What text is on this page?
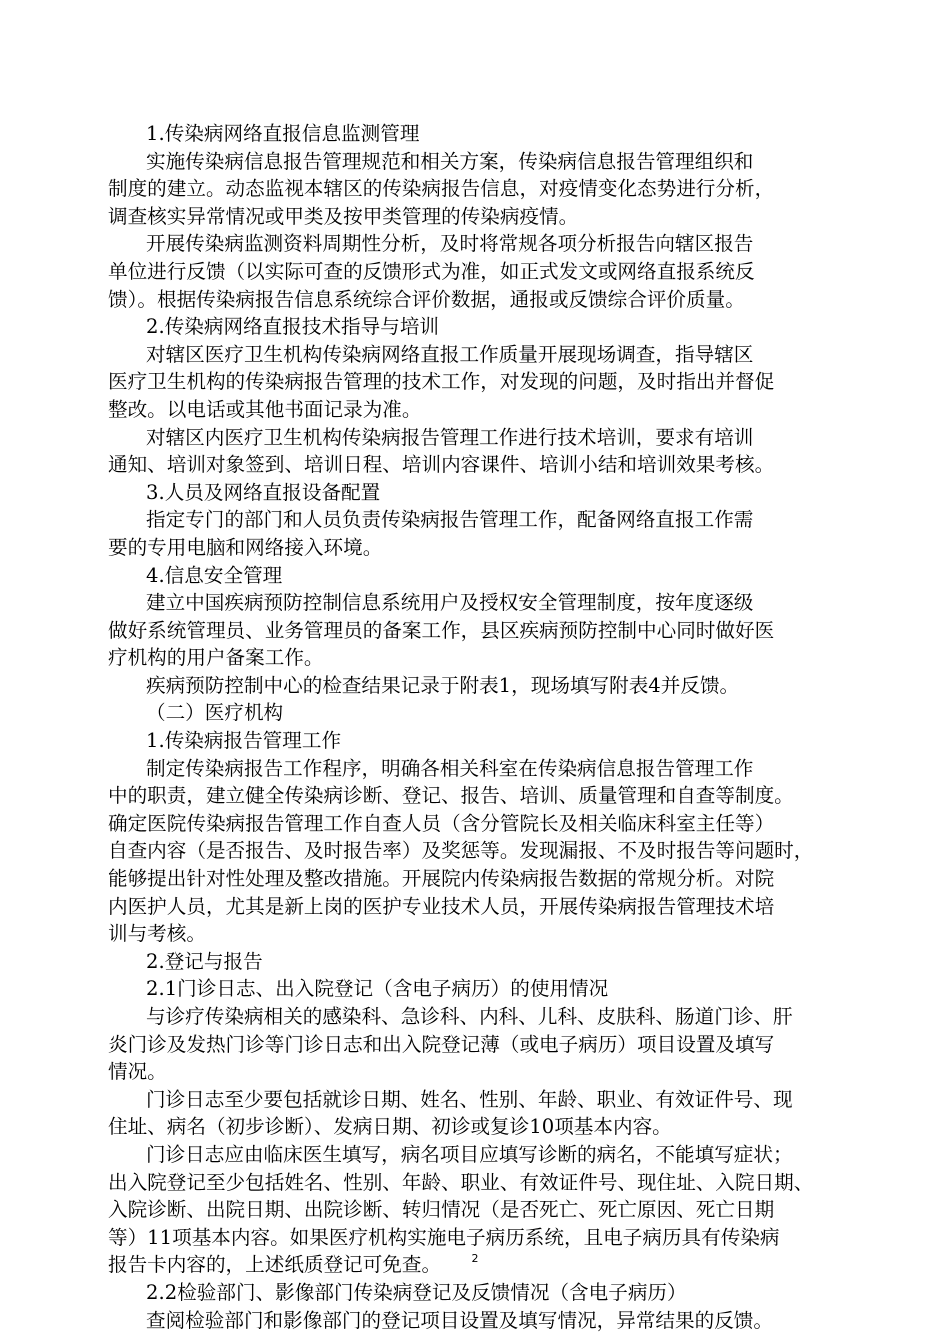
1.传染病网络直报信息监测管理
实施传染病信息报告管理规范和相关方案，传染病信息报告管理组织和
制度的建立。动态监视本辖区的传染病报告信息，对疫情变化态势进行分析，
调查核实异常情况或甲类及按甲类管理的传染病疫情。
开展传染病监测资料周期性分析，及时将常规各项分析报告向辖区报告
单位进行反馈（以实际可查的反馈形式为准，如正式发文或网络直报系统反
馈）。根据传染病报告信息系统综合评价数据，通报或反馈综合评价质量。
2.传染病网络直报技术指导与培训
对辖区医疗卫生机构传染病网络直报工作质量开展现场调查，指导辖区
医疗卫生机构的传染病报告管理的技术工作，对发现的问题，及时指出并督促
整改。以电话或其他书面记录为准。
对辖区内医疗卫生机构传染病报告管理工作进行技术培训，要求有培训
通知、培训对象签到、培训日程、培训内容课件、培训小结和培训效果考核。
3.人员及网络直报设备配置
指定专门的部门和人员负责传染病报告管理工作，配备网络直报工作需
要的专用电脑和网络接入环境。
4.信息安全管理
建立中国疾病预防控制信息系统用户及授权安全管理制度，按年度逐级
做好系统管理员、业务管理员的备案工作，县区疾病预防控制中心同时做好医
疗机构的用户备案工作。
疾病预防控制中心的检查结果记录于附表1，现场填写附表4并反馈。
（二）医疗机构
1.传染病报告管理工作
制定传染病报告工作程序，明确各相关科室在传染病信息报告管理工作
中的职责，建立健全传染病诊断、登记、报告、培训、质量管理和自查等制度。
确定医院传染病报告管理工作自查人员（含分管院长及相关临床科室主任等）
自查内容（是否报告、及时报告率）及奖惩等。发现漏报、不及时报告等问题时，
能够提出针对性处理及整改措施。开展院内传染病报告数据的常规分析。对院
内医护人员，尤其是新上岗的医护专业技术人员，开展传染病报告管理技术培
训与考核。
2.登记与报告
2.1门诊日志、出入院登记（含电子病历）的使用情况
与诊疗传染病相关的感染科、急诊科、内科、儿科、皮肤科、肠道门诊、肝
炎门诊及发热门诊等门诊日志和出入院登记薄（或电子病历）项目设置及填写
情况。
门诊日志至少要包括就诊日期、姓名、性别、年龄、职业、有效证件号、现
住址、病名（初步诊断）、发病日期、初诊或复诊10项基本内容。
门诊日志应由临床医生填写，病名项目应填写诊断的病名，不能填写症状；
出入院登记至少包括姓名、性别、年龄、职业、有效证件号、现住址、入院日期、
入院诊断、出院日期、出院诊断、转归情况（是否死亡、死亡原因、死亡日期
等）11项基本内容。如果医疗机构实施电子病历系统，且电子病历具有传染病
报告卡内容的，上述纸质登记可免查。
2.2检验部门、影像部门传染病登记及反馈情况（含电子病历）
查阅检验部门和影像部门的登记项目设置及填写情况，异常结果的反馈。
2
